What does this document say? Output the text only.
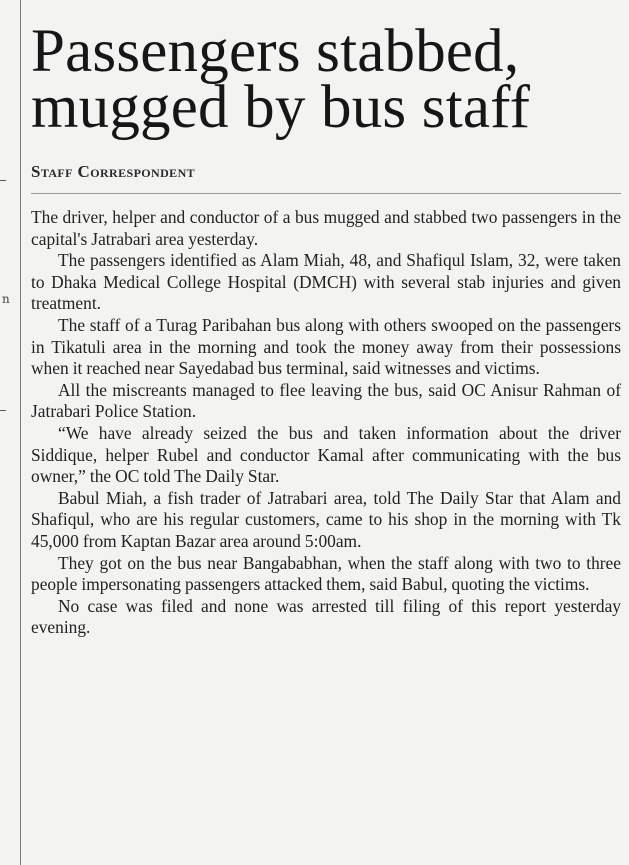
n
Passengers stabbed,
mugged by bus staff
Staff Correspondent

The driver, helper and conductor of a bus mugged and stabbed two passengers in the capital's Jatrabari area yesterday.

The passengers identified as Alam Miah, 48, and Shafiqul Islam, 32, were taken to Dhaka Medical College Hospital (DMCH) with several stab injuries and given treatment.

The staff of a Turag Paribahan bus along with others swooped on the passengers in Tikatuli area in the morning and took the money away from their possessions when it reached near Sayedabad bus terminal, said witnesses and victims.

All the miscreants managed to flee leaving the bus, said OC Anisur Rahman of Jatrabari Police Station.

“We have already seized the bus and taken information about the driver Siddique, helper Rubel and conductor Kamal after communicating with the bus owner,” the OC told The Daily Star.

Babul Miah, a fish trader of Jatrabari area, told The Daily Star that Alam and Shafiqul, who are his regular customers, came to his shop in the morning with Tk 45,000 from Kaptan Bazar area around 5:00am.

They got on the bus near Bangababhan, when the staff along with two to three people impersonating passengers attacked them, said Babul, quoting the victims.

No case was filed and none was arrested till filing of this report yesterday evening.
